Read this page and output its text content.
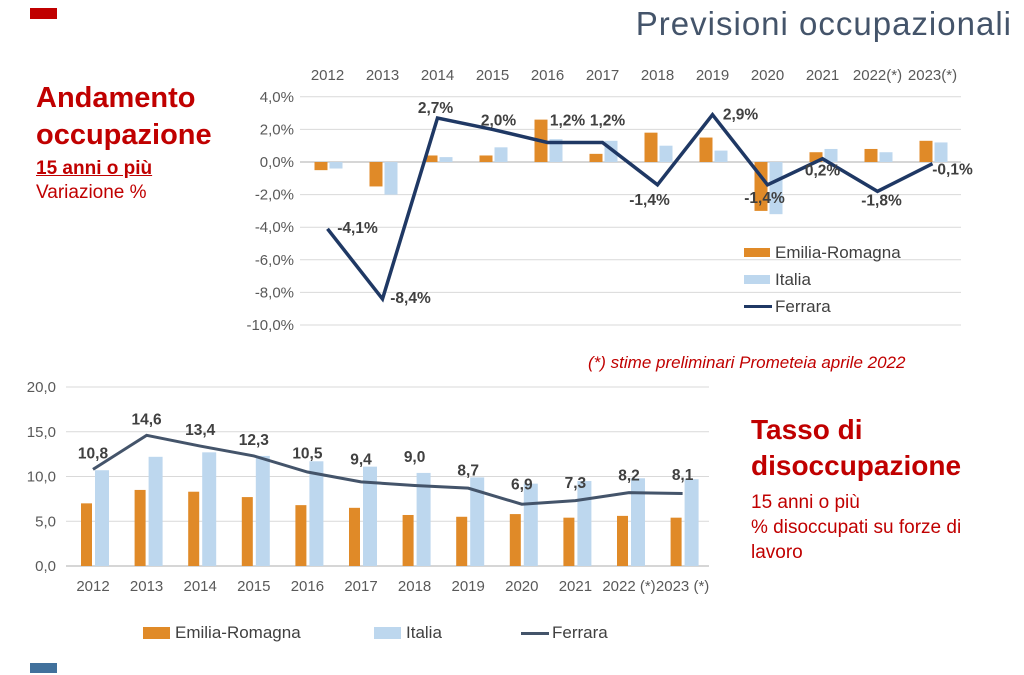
Previsioni occupazionali
Andamento
occupazione
15 anni o più
Variazione %
4,0%
2,0%
0,0%
-2,0%
-4,0%
-6,0%
-8,0%
-10,0%
2012 2013 2014 2015 2016 2017 2018 2019 2020 2021 2022(*) 2023(*)
-4,1%
-8,4%
2,7%
2,0% 1,2% 1,2%
-1,4%
2,9%
-1,4%
0,2%
-1,8%
-0,1%
20,0
15,0
10,0
5,0
0,0
2012 2013 2014 2015 2016 2017 2018 2019 2020 2021 2022 (*) 2023 (*)
10,8
14,6
13,4
12,3
10,5 9,4 9,0
8,7
6,9 7,3 8,2 8,1
Emilia-Romagna
Italia
Ferrara
(*) stime preliminari Prometeia aprile 2022
Emilia-Romagna	Italia	Ferrara
Tasso di
disoccupazione
15 anni o più
% disoccupati su forze di lavoro
